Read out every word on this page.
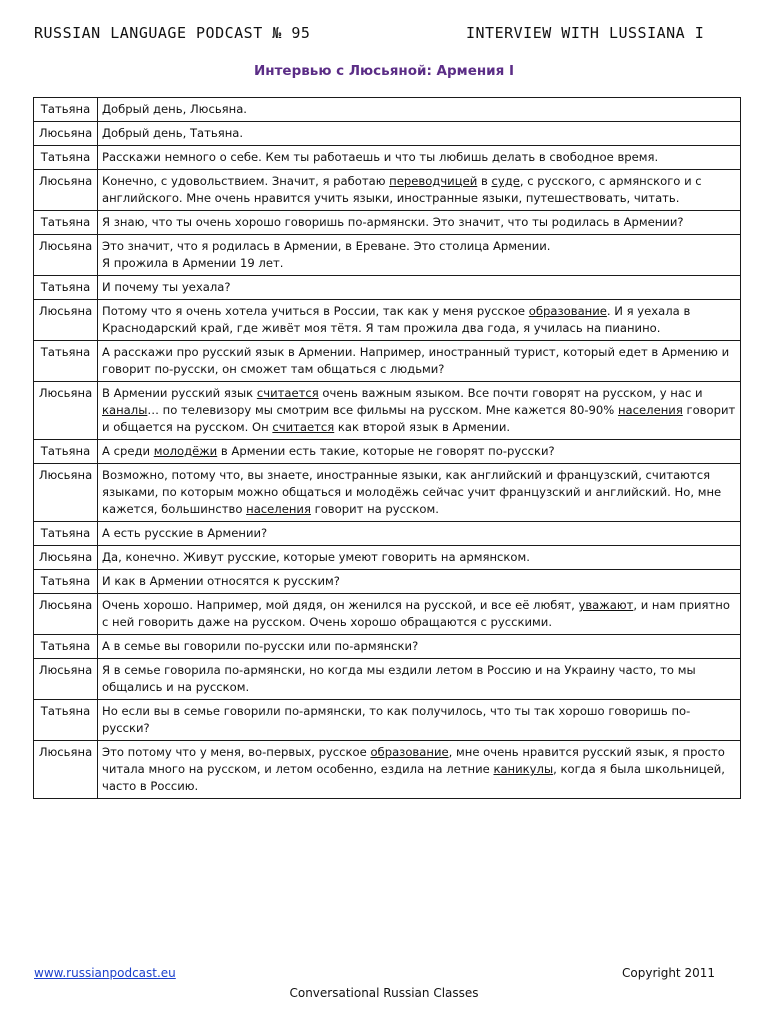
RUSSIAN LANGUAGE PODCAST № 95	INTERVIEW WITH LUSSIANA I
Интервью с Люсьяной: Армения I
Татьяна	Добрый день, Люсьяна.
Люсьяна	Добрый день, Татьяна.
Татьяна	Расскажи немного о себе. Кем ты работаешь и что ты любишь делать в свободное время.
Люсьяна	Конечно, с удовольствием. Значит, я работаю переводчицей в суде, с русского, с армянского и с английского. Мне очень нравится учить языки, иностранные языки, путешествовать, читать.
Татьяна	Я знаю, что ты очень хорошо говоришь по-армянски. Это значит, что ты родилась в Армении?
Люсьяна	Это значит, что я родилась в Армении, в Ереване. Это столица Армении.
Я прожила в Армении 19 лет.
Татьяна	И почему ты уехала?
Люсьяна	Потому что я очень хотела учиться в России, так как у меня русское образование. И я уехала в Краснодарский край, где живёт моя тётя. Я там прожила два года, я училась на пианино.
Татьяна	А расскажи про русский язык в Армении. Например, иностранный турист, который едет в Армению и говорит по-русски, он сможет там общаться с людьми?
Люсьяна	В Армении русский язык считается очень важным языком. Все почти говорят на русском, у нас и каналы… по телевизору мы смотрим все фильмы на русском. Мне кажется 80-90% населения говорит и общается на русском. Он считается как второй язык в Армении.
Татьяна	А среди молодёжи в Армении есть такие, которые не говорят по-русски?
Люсьяна	Возможно, потому что, вы знаете, иностранные языки, как английский и французский, считаются языками, по которым можно общаться и молодёжь сейчас учит французский и английский. Но, мне кажется, большинство населения говорит на русском.
Татьяна	А есть русские в Армении?
Люсьяна	Да, конечно. Живут русские, которые умеют говорить на армянском.
Татьяна	И как в Армении относятся к русским?
Люсьяна	Очень хорошо. Например, мой дядя, он женился на русской, и все её любят, уважают, и нам приятно с ней говорить даже на русском. Очень хорошо обращаются с русскими.
Татьяна	А в семье вы говорили по-русски или по-армянски?
Люсьяна	Я в семье говорила по-армянски, но когда мы ездили летом в Россию и на Украину часто, то мы общались и на русском.
Татьяна	Но если вы в семье говорили по-армянски, то как получилось, что ты так хорошо говоришь по-русски?
Люсьяна	Это потому что у меня, во-первых, русское образование, мне очень нравится русский язык, я просто читала много на русском, и летом особенно, ездила на летние каникулы, когда я была школьницей, часто в Россию.
www.russianpodcast.eu	Copyright 2011
Conversational Russian Classes
